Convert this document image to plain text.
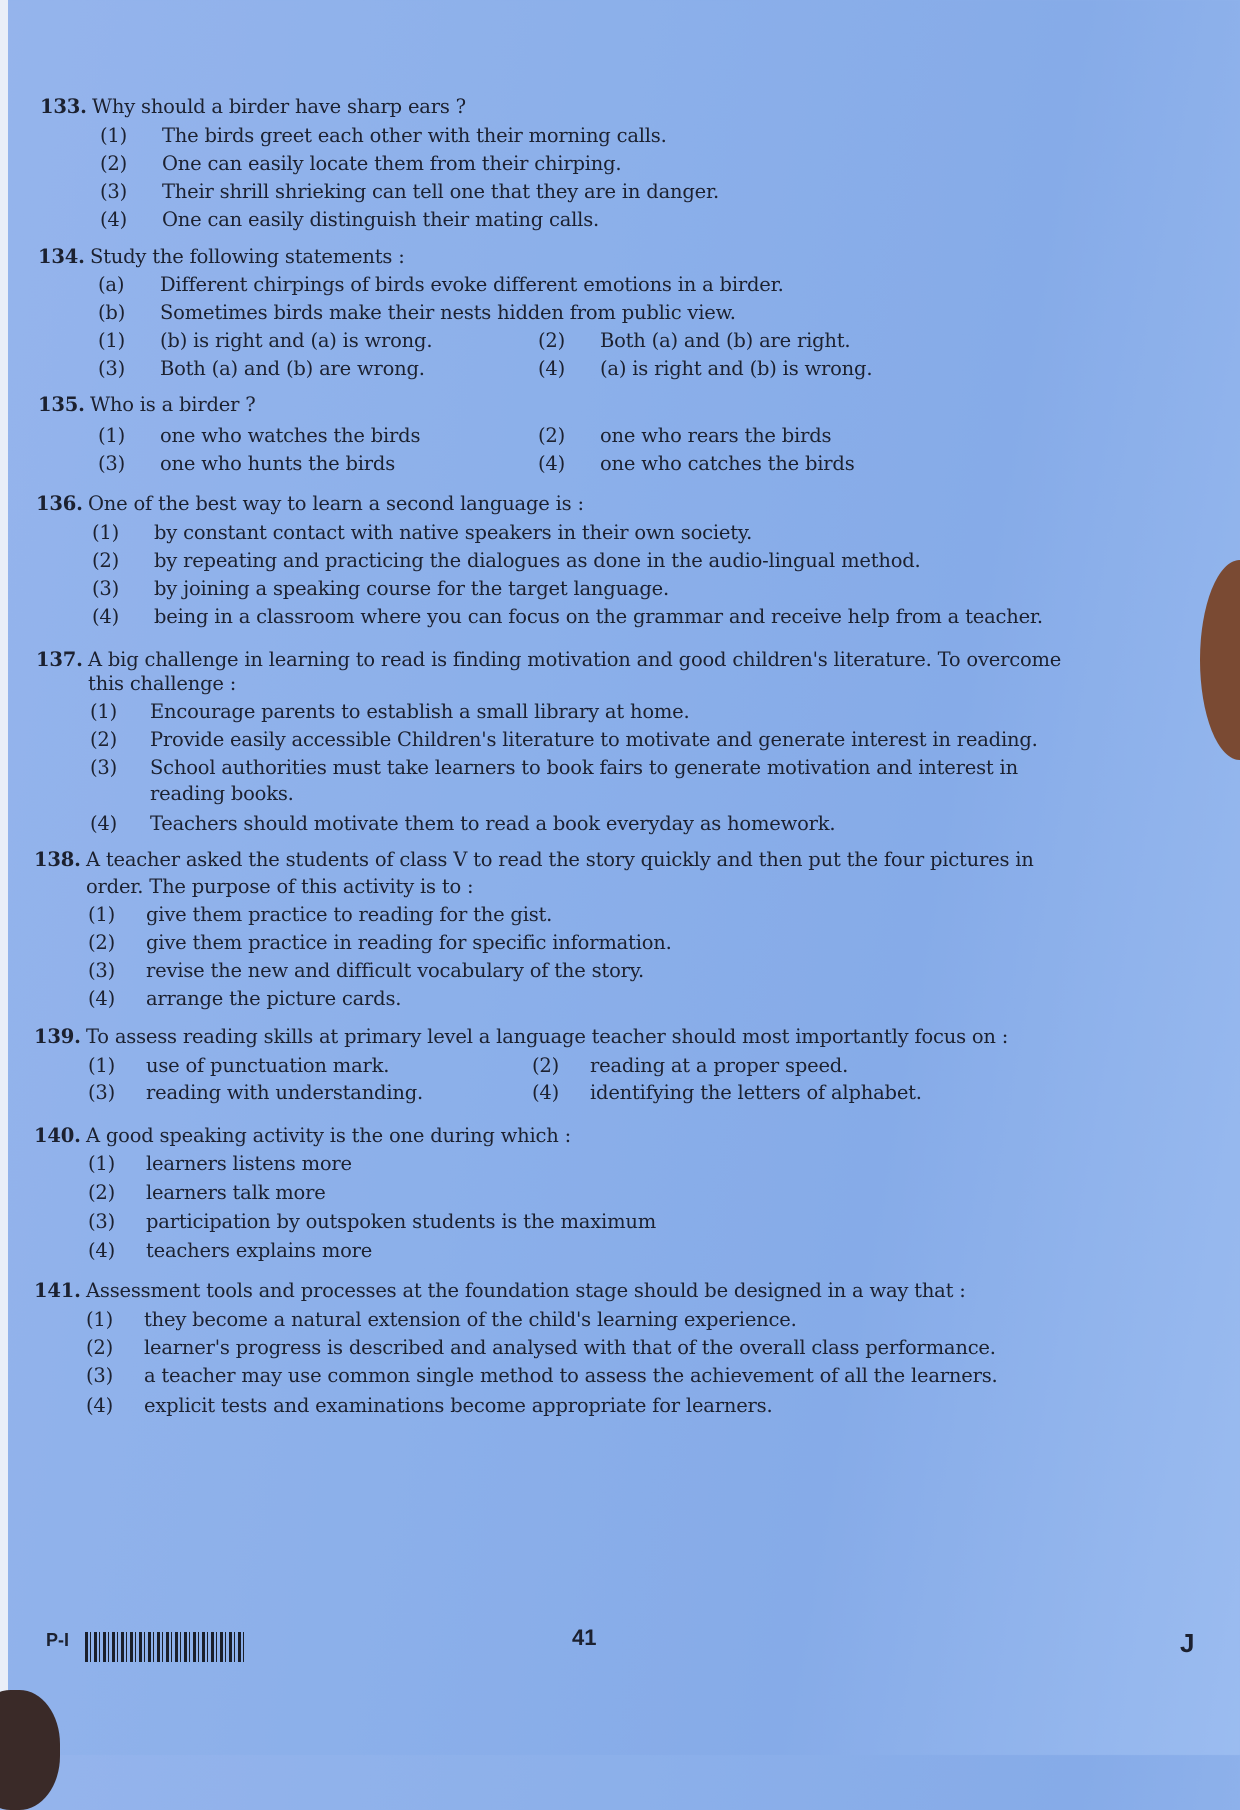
133. Why should a birder have sharp ears ?
(1) The birds greet each other with their morning calls.
(2) One can easily locate them from their chirping.
(3) Their shrill shrieking can tell one that they are in danger.
(4) One can easily distinguish their mating calls.
134. Study the following statements :
(a) Different chirpings of birds evoke different emotions in a birder.
(b) Sometimes birds make their nests hidden from public view.
(1) (b) is right and (a) is wrong.	(2) Both (a) and (b) are right.
(3) Both (a) and (b) are wrong.	(4) (a) is right and (b) is wrong.
135. Who is a birder ?
(1) one who watches the birds	(2) one who rears the birds
(3) one who hunts the birds	(4) one who catches the birds
136. One of the best way to learn a second language is :
(1) by constant contact with native speakers in their own society.
(2) by repeating and practicing the dialogues as done in the audio-lingual method.
(3) by joining a speaking course for the target language.
(4) being in a classroom where you can focus on the grammar and receive help from a teacher.
137. A big challenge in learning to read is finding motivation and good children's literature. To overcome
this challenge :
(1) Encourage parents to establish a small library at home.
(2) Provide easily accessible Children's literature to motivate and generate interest in reading.
(3) School authorities must take learners to book fairs to generate motivation and interest in
reading books.
(4) Teachers should motivate them to read a book everyday as homework.
138. A teacher asked the students of class V to read the story quickly and then put the four pictures in
order. The purpose of this activity is to :
(1) give them practice to reading for the gist.
(2) give them practice in reading for specific information.
(3) revise the new and difficult vocabulary of the story.
(4) arrange the picture cards.
139. To assess reading skills at primary level a language teacher should most importantly focus on :
(1) use of punctuation mark.	(2) reading at a proper speed.
(3) reading with understanding.	(4) identifying the letters of alphabet.
140. A good speaking activity is the one during which :
(1) learners listens more
(2) learners talk more
(3) participation by outspoken students is the maximum
(4) teachers explains more
141. Assessment tools and processes at the foundation stage should be designed in a way that :
(1) they become a natural extension of the child's learning experience.
(2) learner's progress is described and analysed with that of the overall class performance.
(3) a teacher may use common single method to assess the achievement of all the learners.
(4) explicit tests and examinations become appropriate for learners.
P-I	41	J
